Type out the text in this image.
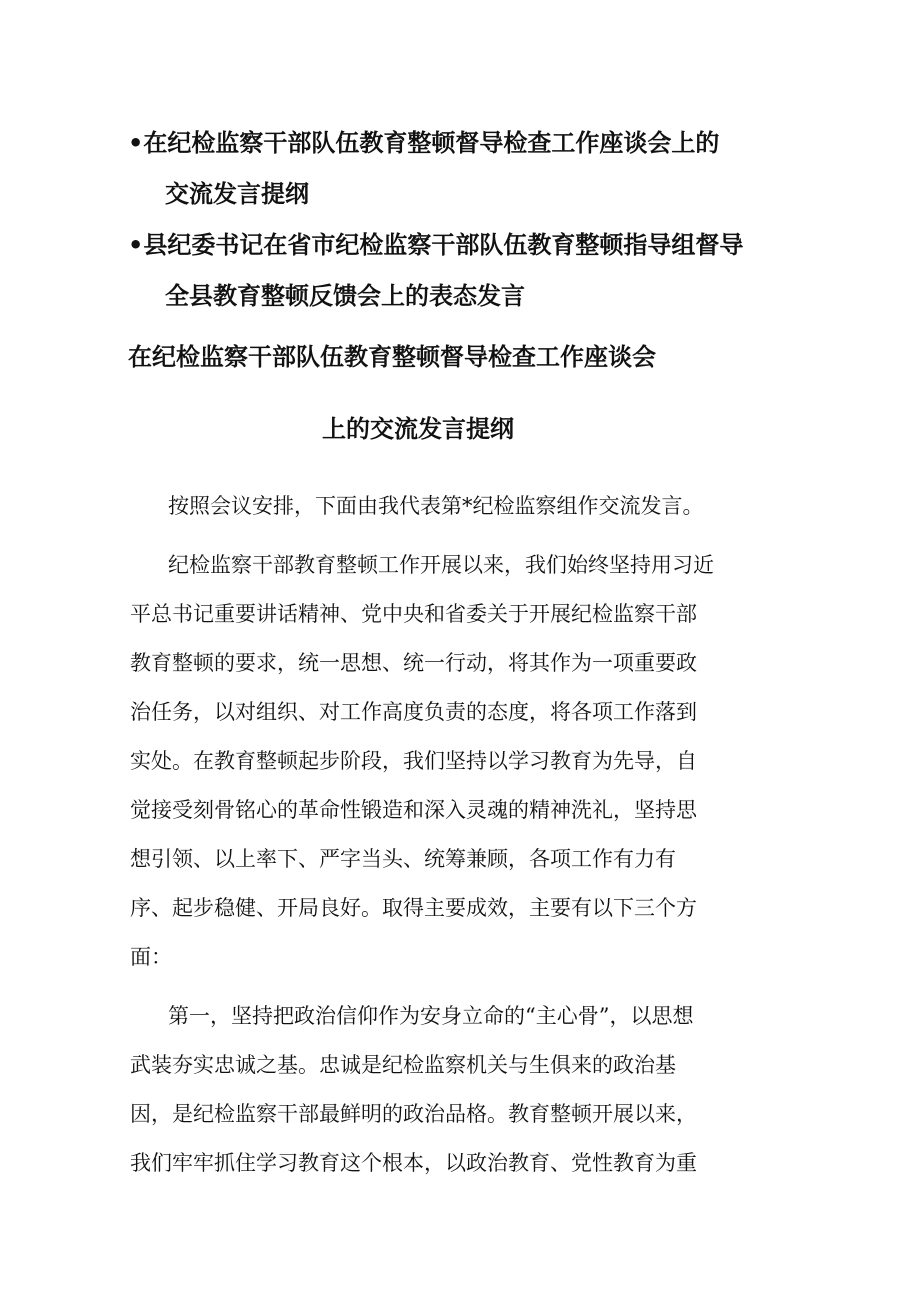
•在纪检监察干部队伍教育整顿督导检查工作座谈会上的
交流发言提纲
•县纪委书记在省市纪检监察干部队伍教育整顿指导组督导
全县教育整顿反馈会上的表态发言
在纪检监察干部队伍教育整顿督导检查工作座谈会
上的交流发言提纲

按照会议安排，下面由我代表第*纪检监察组作交流发言。

纪检监察干部教育整顿工作开展以来，我们始终坚持用习近
平总书记重要讲话精神、党中央和省委关于开展纪检监察干部
教育整顿的要求，统一思想、统一行动，将其作为一项重要政
治任务，以对组织、对工作高度负责的态度，将各项工作落到
实处。在教育整顿起步阶段，我们坚持以学习教育为先导，自
觉接受刻骨铭心的革命性锻造和深入灵魂的精神洗礼，坚持思
想引领、以上率下、严字当头、统筹兼顾，各项工作有力有
序、起步稳健、开局良好。取得主要成效，主要有以下三个方
面：

第一，坚持把政治信仰作为安身立命的“主心骨”，以思想
武装夯实忠诚之基。忠诚是纪检监察机关与生俱来的政治基
因，是纪检监察干部最鲜明的政治品格。教育整顿开展以来，
我们牢牢抓住学习教育这个根本，以政治教育、党性教育为重
